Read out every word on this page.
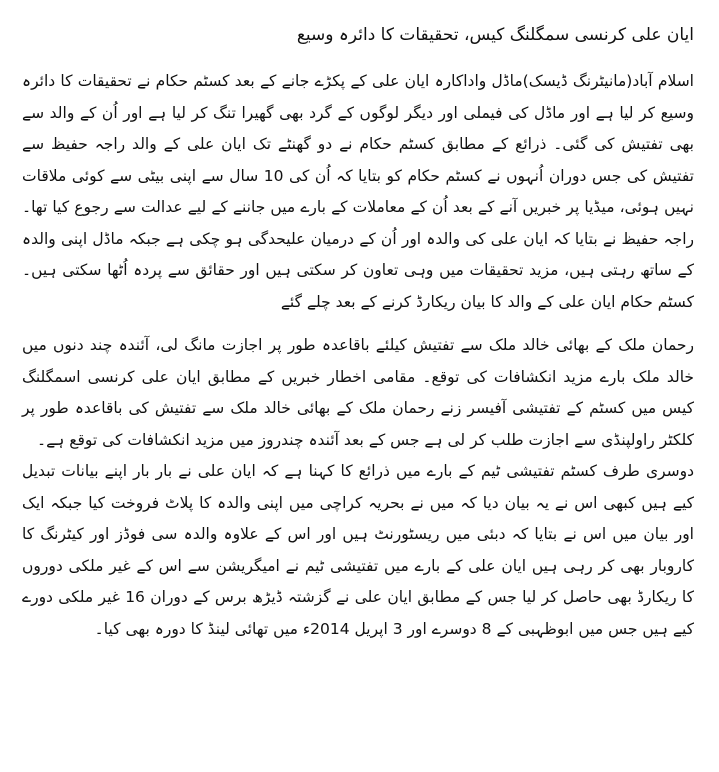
ایان علی کرنسی سمگلنگ کیس، تحقیقات کا دائرہ وسیع

اسلام آباد(مانیٹرنگ ڈیسک)ماڈل واداکارہ ایان علی کے پکڑے جانے کے بعد کسٹم حکام نے تحقیقات کا دائرہ وسیع کر لیا ہے اور ماڈل کی فیملی اور دیگر لوگوں کے گرد بھی گھیرا تنگ کر لیا ہے اور اُن کے والد سے بھی تفتیش کی گئی۔ ذرائع کے مطابق کسٹم حکام نے دو گھنٹے تک ایان علی کے والد راجہ حفیظ سے تفتیش کی جس دوران اُنہوں نے کسٹم حکام کو بتایا کہ اُن کی 10 سال سے اپنی بیٹی سے کوئی ملاقات نہیں ہوئی، میڈیا پر خبریں آنے کے بعد اُن کے معاملات کے بارے میں جاننے کے لیے عدالت سے رجوع کیا تھا۔ راجہ حفیظ نے بتایا کہ ایان علی کی والدہ اور اُن کے درمیان علیحدگی ہو چکی ہے جبکہ ماڈل اپنی والدہ کے ساتھ رہتی ہیں، مزید تحقیقات میں وہی تعاون کر سکتی ہیں اور حقائق سے پردہ اُٹھا سکتی ہیں۔ کسٹم حکام ایان علی کے والد کا بیان ریکارڈ کرنے کے بعد چلے گئے

رحمان ملک کے بھائی خالد ملک سے تفتیش کیلئے باقاعدہ طور پر اجازت مانگ لی، آئندہ چند دنوں میں خالد ملک بارے مزید انکشافات کی توقع۔ مقامی اخطار خبریں کے مطابق ایان علی کرنسی اسمگلنگ کیس میں کسٹم کے تفتیشی آفیسر زنے رحمان ملک کے بھائی خالد ملک سے تفتیش کی باقاعدہ طور پر کلکٹر راولپنڈی سے اجازت طلب کر لی ہے جس کے بعد آئندہ چندروز میں مزید انکشافات کی توقع ہے۔

دوسری طرف کسٹم تفتیشی ٹیم کے بارے میں ذرائع کا کہنا ہے کہ ایان علی نے بار بار اپنے بیانات تبدیل کیے ہیں کبھی اس نے یہ بیان دیا کہ میں نے بحریہ کراچی میں اپنی والدہ کا پلاٹ فروخت کیا جبکہ ایک اور بیان میں اس نے بتایا کہ دبئی میں ریسٹورنٹ ہیں اور اس کے علاوہ والدہ سی فوڈز اور کیٹرنگ کا کاروبار بھی کر رہی ہیں ایان علی کے بارے میں تفتیشی ٹیم نے امیگریشن سے اس کے غیر ملکی دوروں کا ریکارڈ بھی حاصل کر لیا جس کے مطابق ایان علی نے گزشتہ ڈیڑھ برس کے دوران 16 غیر ملکی دورے کیے ہیں جس میں ابوظہبی کے 8 دوسرے اور 3 اپریل 2014ء میں تھائی لینڈ کا دورہ بھی کیا۔
